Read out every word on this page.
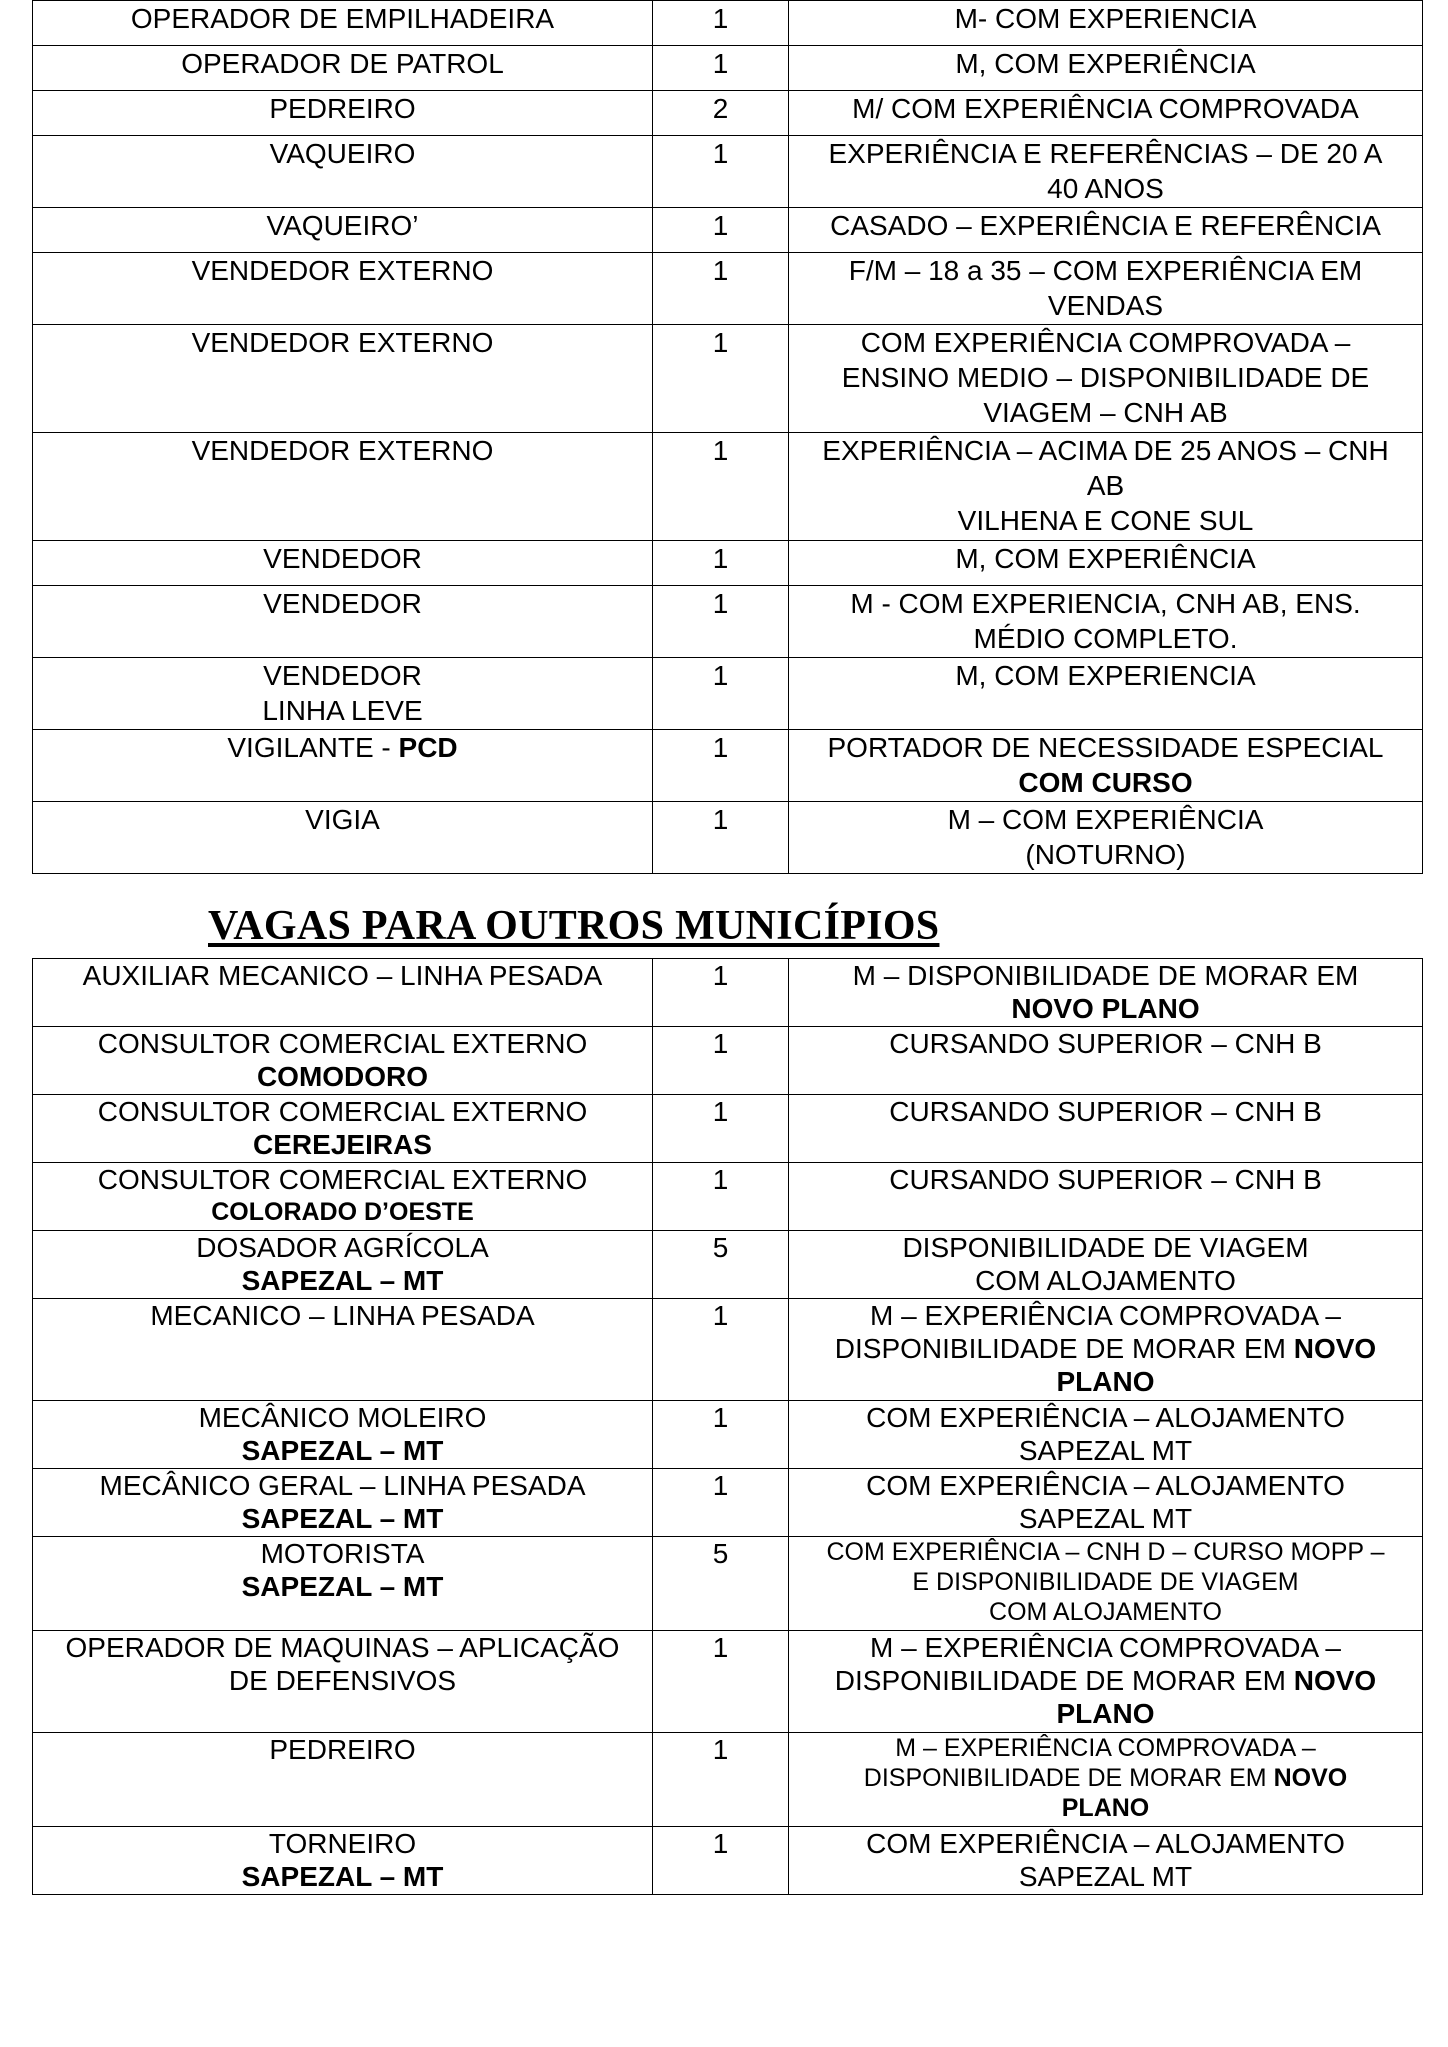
OPERADOR DE EMPILHADEIRA	1	M- COM EXPERIENCIA

OPERADOR DE PATROL	1	M, COM EXPERIÊNCIA

PEDREIRO	2	M/ COM EXPERIÊNCIA COMPROVADA

VAQUEIRO	1	EXPERIÊNCIA E REFERÊNCIAS – DE 20 A
40 ANOS

VAQUEIRO’	1	CASADO – EXPERIÊNCIA E REFERÊNCIA

VENDEDOR EXTERNO	1	F/M – 18 a 35 – COM EXPERIÊNCIA EM
VENDAS

VENDEDOR EXTERNO	1	COM EXPERIÊNCIA COMPROVADA –
ENSINO MEDIO – DISPONIBILIDADE DE
VIAGEM – CNH AB

VENDEDOR EXTERNO	1	EXPERIÊNCIA – ACIMA DE 25 ANOS – CNH
AB
VILHENA E CONE SUL

VENDEDOR	1	M, COM EXPERIÊNCIA

VENDEDOR	1	M - COM EXPERIENCIA, CNH AB, ENS.
MÉDIO COMPLETO.

VENDEDOR
LINHA LEVE	1	M, COM EXPERIENCIA

VIGILANTE - PCD	1	PORTADOR DE NECESSIDADE ESPECIAL
COM CURSO

VIGIA	1	M – COM EXPERIÊNCIA
(NOTURNO)
VAGAS PARA OUTROS MUNICÍPIOS
AUXILIAR MECANICO – LINHA PESADA	1	M – DISPONIBILIDADE DE MORAR EM
NOVO PLANO

CONSULTOR COMERCIAL EXTERNO
COMODORO	1	CURSANDO SUPERIOR – CNH B

CONSULTOR COMERCIAL EXTERNO
CEREJEIRAS	1	CURSANDO SUPERIOR – CNH B

CONSULTOR COMERCIAL EXTERNO
COLORADO D’OESTE	1	CURSANDO SUPERIOR – CNH B

DOSADOR AGRÍCOLA
SAPEZAL – MT	5	DISPONIBILIDADE DE VIAGEM
COM ALOJAMENTO

MECANICO – LINHA PESADA	1	M – EXPERIÊNCIA COMPROVADA –
DISPONIBILIDADE DE MORAR EM NOVO
PLANO

MECÂNICO MOLEIRO
SAPEZAL – MT	1	COM EXPERIÊNCIA – ALOJAMENTO
SAPEZAL MT

MECÂNICO GERAL – LINHA PESADA
SAPEZAL – MT	1	COM EXPERIÊNCIA – ALOJAMENTO
SAPEZAL MT

MOTORISTA
SAPEZAL – MT	5	COM EXPERIÊNCIA – CNH D – CURSO MOPP –
E DISPONIBILIDADE DE VIAGEM
COM ALOJAMENTO

OPERADOR DE MAQUINAS – APLICAÇÃO
DE DEFENSIVOS	1	M – EXPERIÊNCIA COMPROVADA –
DISPONIBILIDADE DE MORAR EM NOVO
PLANO

PEDREIRO	1	M – EXPERIÊNCIA COMPROVADA –
DISPONIBILIDADE DE MORAR EM NOVO
PLANO

TORNEIRO
SAPEZAL – MT	1	COM EXPERIÊNCIA – ALOJAMENTO
SAPEZAL MT
